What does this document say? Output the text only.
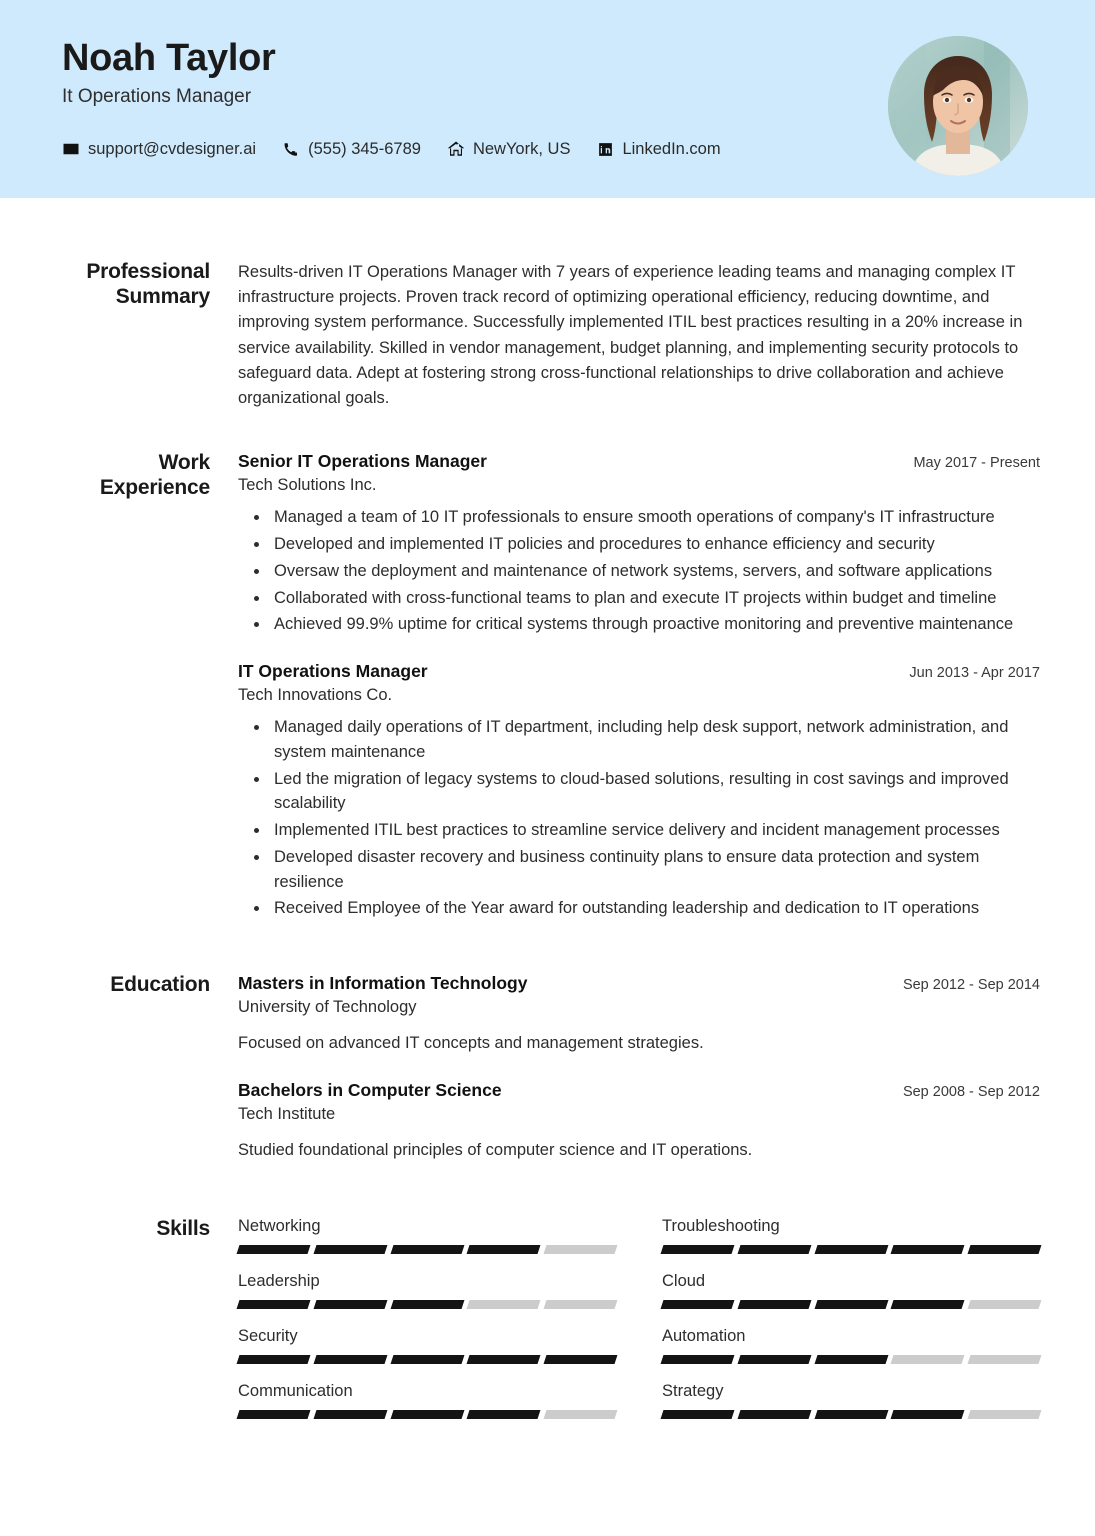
Noah Taylor
It Operations Manager
support@cvdesigner.ai	(555) 345-6789	NewYork, US	LinkedIn.com
Professional Summary

Results-driven IT Operations Manager with 7 years of experience leading teams and managing complex IT infrastructure projects. Proven track record of optimizing operational efficiency, reducing downtime, and improving system performance. Successfully implemented ITIL best practices resulting in a 20% increase in service availability. Skilled in vendor management, budget planning, and implementing security protocols to safeguard data. Adept at fostering strong cross-functional relationships to drive collaboration and achieve organizational goals.

Work Experience
Senior IT Operations Manager	May 2017 - Present
Tech Solutions Inc.
Managed a team of 10 IT professionals to ensure smooth operations of company's IT infrastructure
Developed and implemented IT policies and procedures to enhance efficiency and security
Oversaw the deployment and maintenance of network systems, servers, and software applications
Collaborated with cross-functional teams to plan and execute IT projects within budget and timeline
Achieved 99.9% uptime for critical systems through proactive monitoring and preventive maintenance
IT Operations Manager	Jun 2013 - Apr 2017
Tech Innovations Co.
Managed daily operations of IT department, including help desk support, network administration, and system maintenance
Led the migration of legacy systems to cloud-based solutions, resulting in cost savings and improved scalability
Implemented ITIL best practices to streamline service delivery and incident management processes
Developed disaster recovery and business continuity plans to ensure data protection and system resilience
Received Employee of the Year award for outstanding leadership and dedication to IT operations
Education	Masters in Information Technology	Sep 2012 - Sep 2014
University of Technology
Focused on advanced IT concepts and management strategies.
Bachelors in Computer Science	Sep 2008 - Sep 2012
Tech Institute
Studied foundational principles of computer science and IT operations.
Skills	Networking	Troubleshooting
Leadership	Cloud
Security	Automation
Communication	Strategy
